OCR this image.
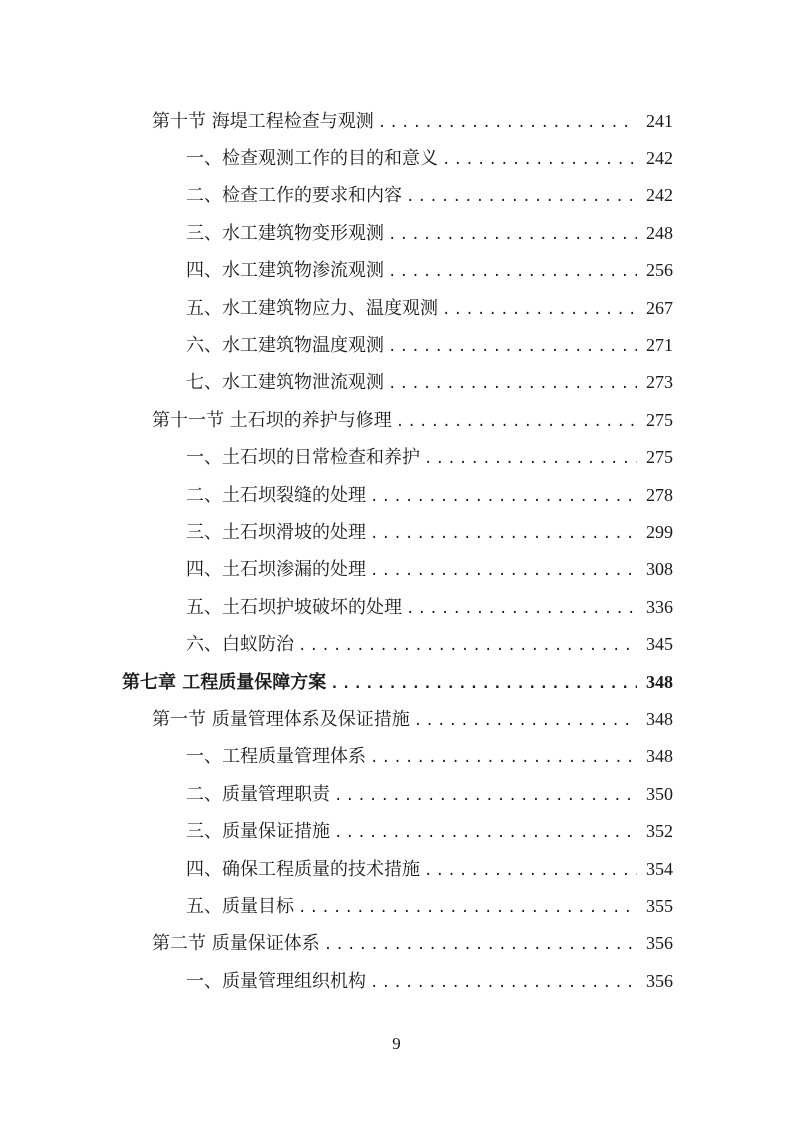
第十节 海堤工程检查与观测 .....	241
一、检查观测工作的目的和意义 .....	242
二、检查工作的要求和内容 .....	242
三、水工建筑物变形观测 .....	248
四、水工建筑物渗流观测 .....	256
五、水工建筑物应力、温度观测 .....	267
六、水工建筑物温度观测 .....	271
七、水工建筑物泄流观测 .....	273
第十一节 土石坝的养护与修理 .....	275
一、土石坝的日常检查和养护 .....	275
二、土石坝裂缝的处理 .....	278
三、土石坝滑坡的处理 .....	299
四、土石坝渗漏的处理 .....	308
五、土石坝护坡破坏的处理 .....	336
六、白蚁防治 .....	345
第七章 工程质量保障方案 .....	348
第一节 质量管理体系及保证措施 .....	348
一、工程质量管理体系 .....	348
二、质量管理职责 .....	350
三、质量保证措施 .....	352
四、确保工程质量的技术措施 .....	354
五、质量目标 .....	355
第二节 质量保证体系 .....	356
一、质量管理组织机构 .....	356
9
